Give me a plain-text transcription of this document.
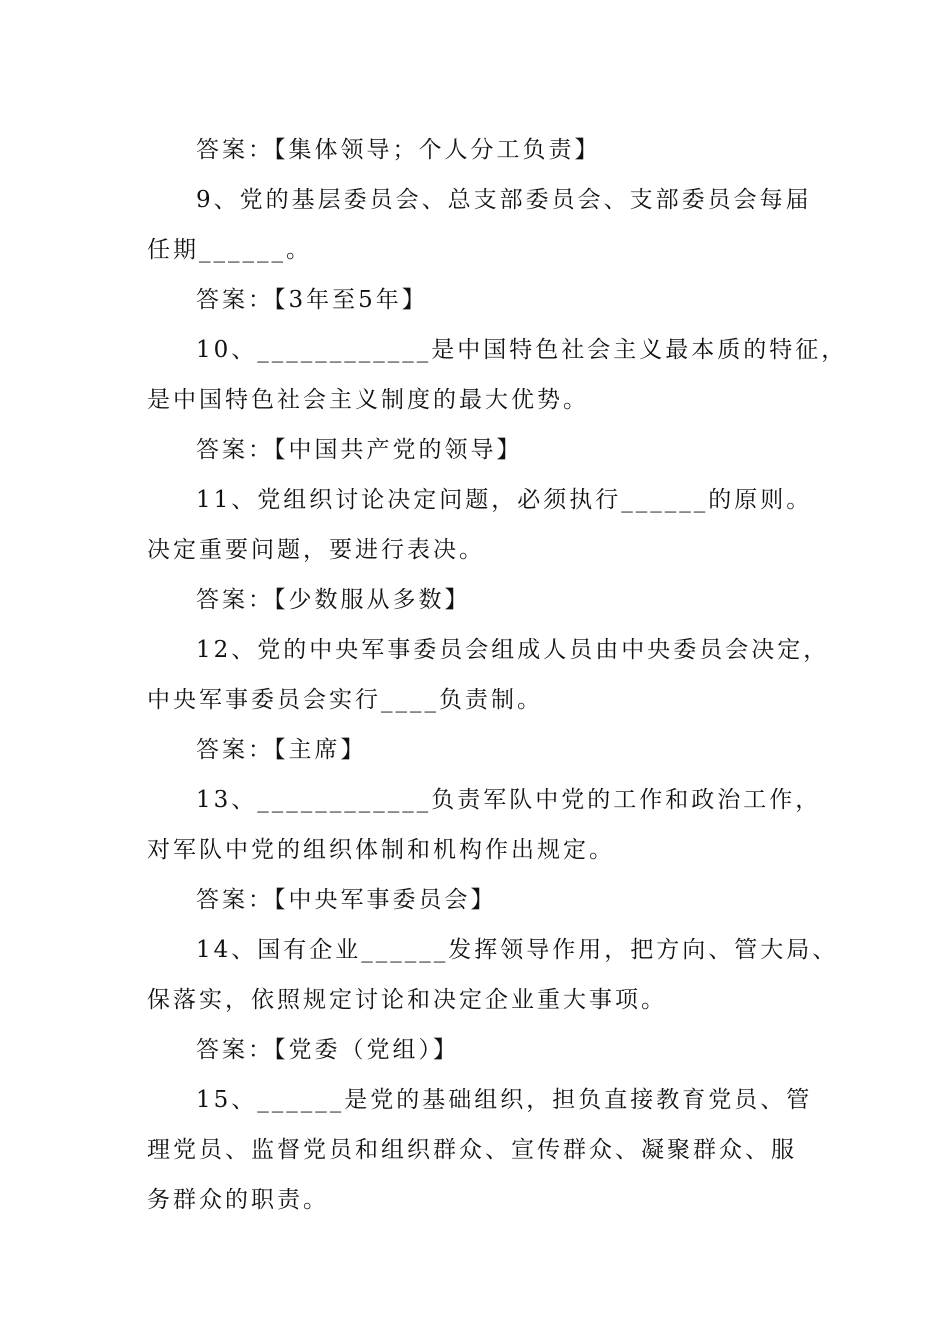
答案：【集体领导；个人分工负责】
9、党的基层委员会、总支部委员会、支部委员会每届
任期______。
答案：【3年至5年】
10、____________是中国特色社会主义最本质的特征，
是中国特色社会主义制度的最大优势。
答案：【中国共产党的领导】
11、党组织讨论决定问题，必须执行______的原则。
决定重要问题，要进行表决。
答案：【少数服从多数】
12、党的中央军事委员会组成人员由中央委员会决定，
中央军事委员会实行____负责制。
答案：【主席】
13、____________负责军队中党的工作和政治工作，
对军队中党的组织体制和机构作出规定。
答案：【中央军事委员会】
14、国有企业______发挥领导作用，把方向、管大局、
保落实，依照规定讨论和决定企业重大事项。
答案：【党委（党组）】
15、______是党的基础组织，担负直接教育党员、管
理党员、监督党员和组织群众、宣传群众、凝聚群众、服
务群众的职责。
